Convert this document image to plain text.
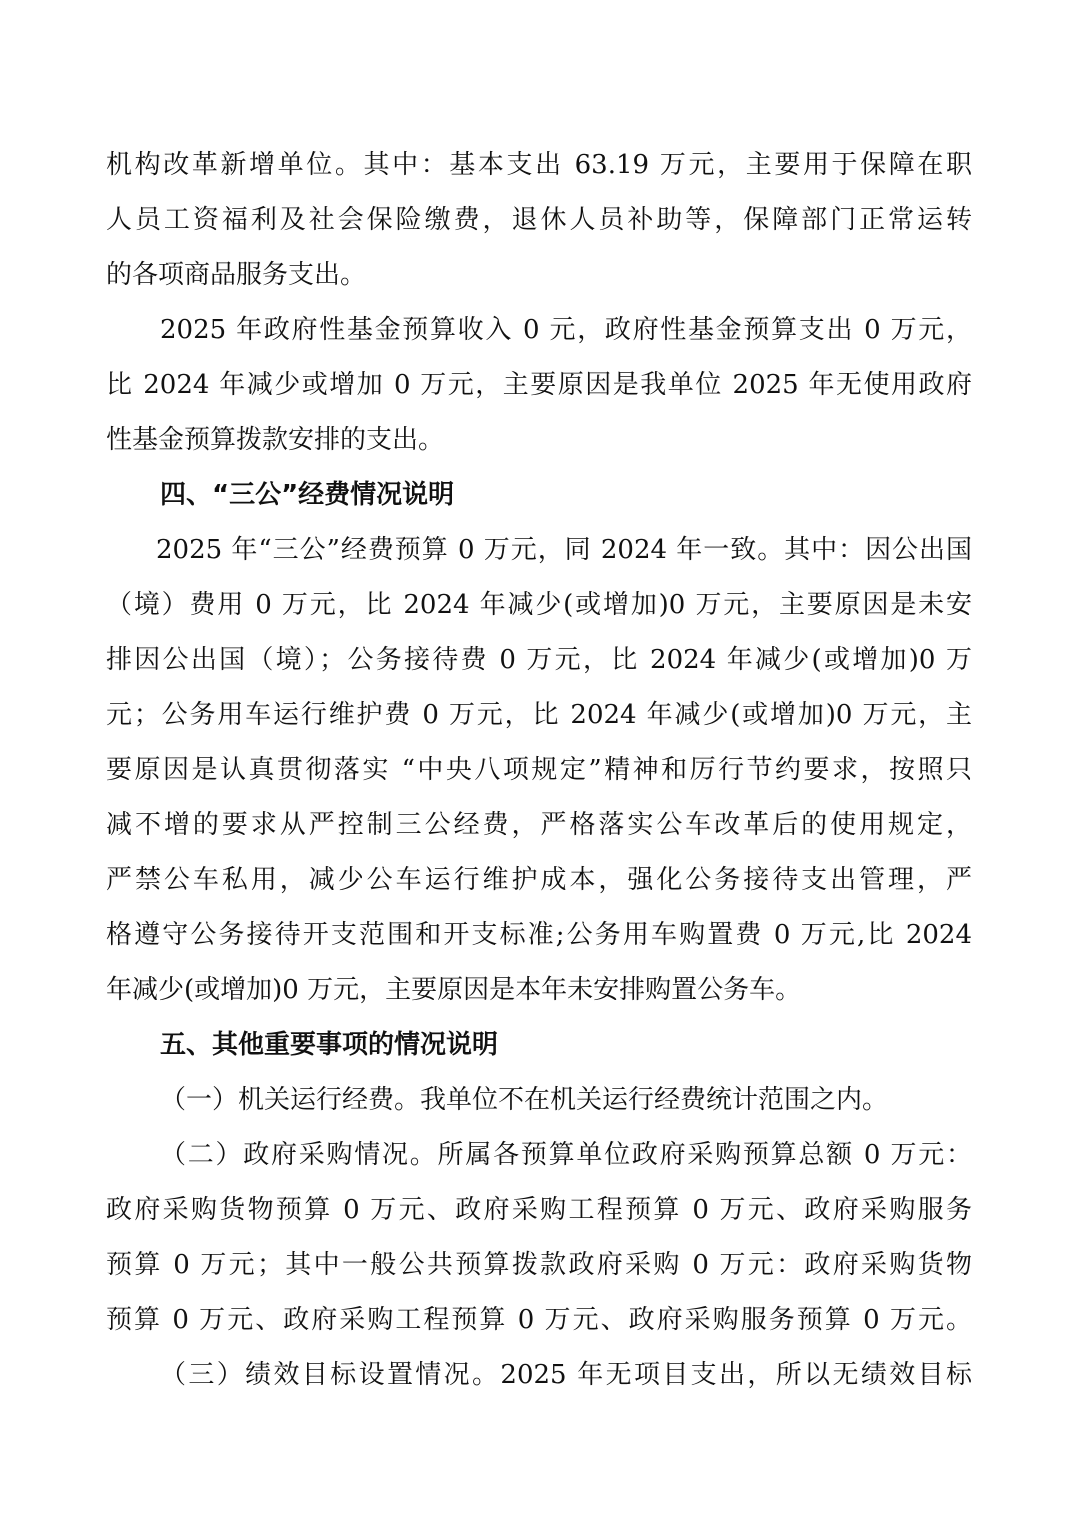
机构改革新增单位。其中：基本支出 63.19 万元，主要用于保障在职
人员工资福利及社会保险缴费，退休人员补助等，保障部门正常运转
的各项商品服务支出。
2025 年政府性基金预算收入 0 元，政府性基金预算支出 0 万元，
比 2024 年减少或增加 0 万元，主要原因是我单位 2025 年无使用政府
性基金预算拨款安排的支出。
四、“三公”经费情况说明
2025 年“三公”经费预算 0 万元，同 2024 年一致。其中：因公出国
（境）费用 0 万元，比 2024 年减少(或增加)0 万元，主要原因是未安
排因公出国（境）；公务接待费 0 万元，比 2024 年减少(或增加)0 万
元；公务用车运行维护费 0 万元，比 2024 年减少(或增加)0 万元，主
要原因是认真贯彻落实 “中央八项规定”精神和厉行节约要求，按照只
减不增的要求从严控制三公经费，严格落实公车改革后的使用规定，
严禁公车私用，减少公车运行维护成本，强化公务接待支出管理，严
格遵守公务接待开支范围和开支标准;公务用车购置费 0 万元,比 2024
年减少(或增加)0 万元，主要原因是本年未安排购置公务车。
五、其他重要事项的情况说明
（一）机关运行经费。我单位不在机关运行经费统计范围之内。
（二）政府采购情况。所属各预算单位政府采购预算总额 0 万元：
政府采购货物预算 0 万元、政府采购工程预算 0 万元、政府采购服务
预算 0 万元；其中一般公共预算拨款政府采购 0 万元：政府采购货物
预算 0 万元、政府采购工程预算 0 万元、政府采购服务预算 0 万元。
（三）绩效目标设置情况。2025 年无项目支出，所以无绩效目标
